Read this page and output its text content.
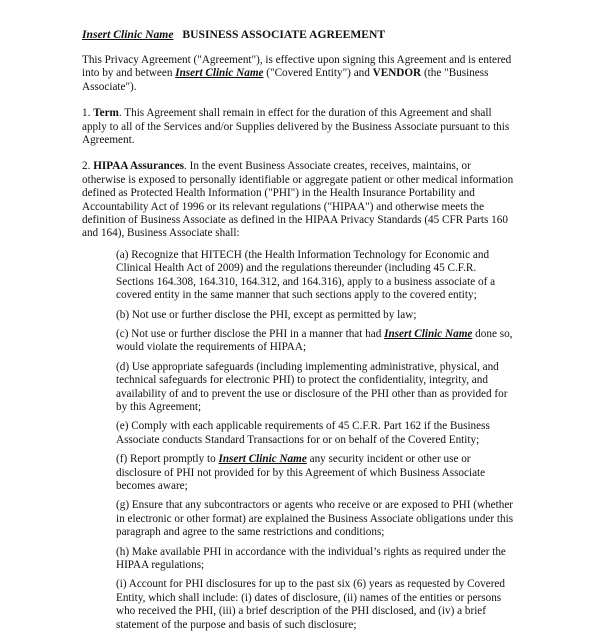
Insert Clinic Name BUSINESS ASSOCIATE AGREEMENT

This Privacy Agreement ("Agreement"), is effective upon signing this Agreement and is entered into by and between Insert Clinic Name ("Covered Entity") and VENDOR (the "Business Associate").

1. Term. This Agreement shall remain in effect for the duration of this Agreement and shall apply to all of the Services and/or Supplies delivered by the Business Associate pursuant to this Agreement.

2. HIPAA Assurances. In the event Business Associate creates, receives, maintains, or otherwise is exposed to personally identifiable or aggregate patient or other medical information defined as Protected Health Information ("PHI") in the Health Insurance Portability and Accountability Act of 1996 or its relevant regulations ("HIPAA") and otherwise meets the definition of Business Associate as defined in the HIPAA Privacy Standards (45 CFR Parts 160 and 164), Business Associate shall:

(a) Recognize that HITECH (the Health Information Technology for Economic and Clinical Health Act of 2009) and the regulations thereunder (including 45 C.F.R. Sections 164.308, 164.310, 164.312, and 164.316), apply to a business associate of a covered entity in the same manner that such sections apply to the covered entity;

(b) Not use or further disclose the PHI, except as permitted by law;

(c) Not use or further disclose the PHI in a manner that had Insert Clinic Name done so, would violate the requirements of HIPAA;

(d) Use appropriate safeguards (including implementing administrative, physical, and technical safeguards for electronic PHI) to protect the confidentiality, integrity, and availability of and to prevent the use or disclosure of the PHI other than as provided for by this Agreement;

(e) Comply with each applicable requirements of 45 C.F.R. Part 162 if the Business Associate conducts Standard Transactions for or on behalf of the Covered Entity;

(f) Report promptly to Insert Clinic Name any security incident or other use or disclosure of PHI not provided for by this Agreement of which Business Associate becomes aware;

(g) Ensure that any subcontractors or agents who receive or are exposed to PHI (whether in electronic or other format) are explained the Business Associate obligations under this paragraph and agree to the same restrictions and conditions;

(h) Make available PHI in accordance with the individual’s rights as required under the HIPAA regulations;

(i) Account for PHI disclosures for up to the past six (6) years as requested by Covered Entity, which shall include: (i) dates of disclosure, (ii) names of the entities or persons who received the PHI, (iii) a brief description of the PHI disclosed, and (iv) a brief statement of the purpose and basis of such disclosure;
